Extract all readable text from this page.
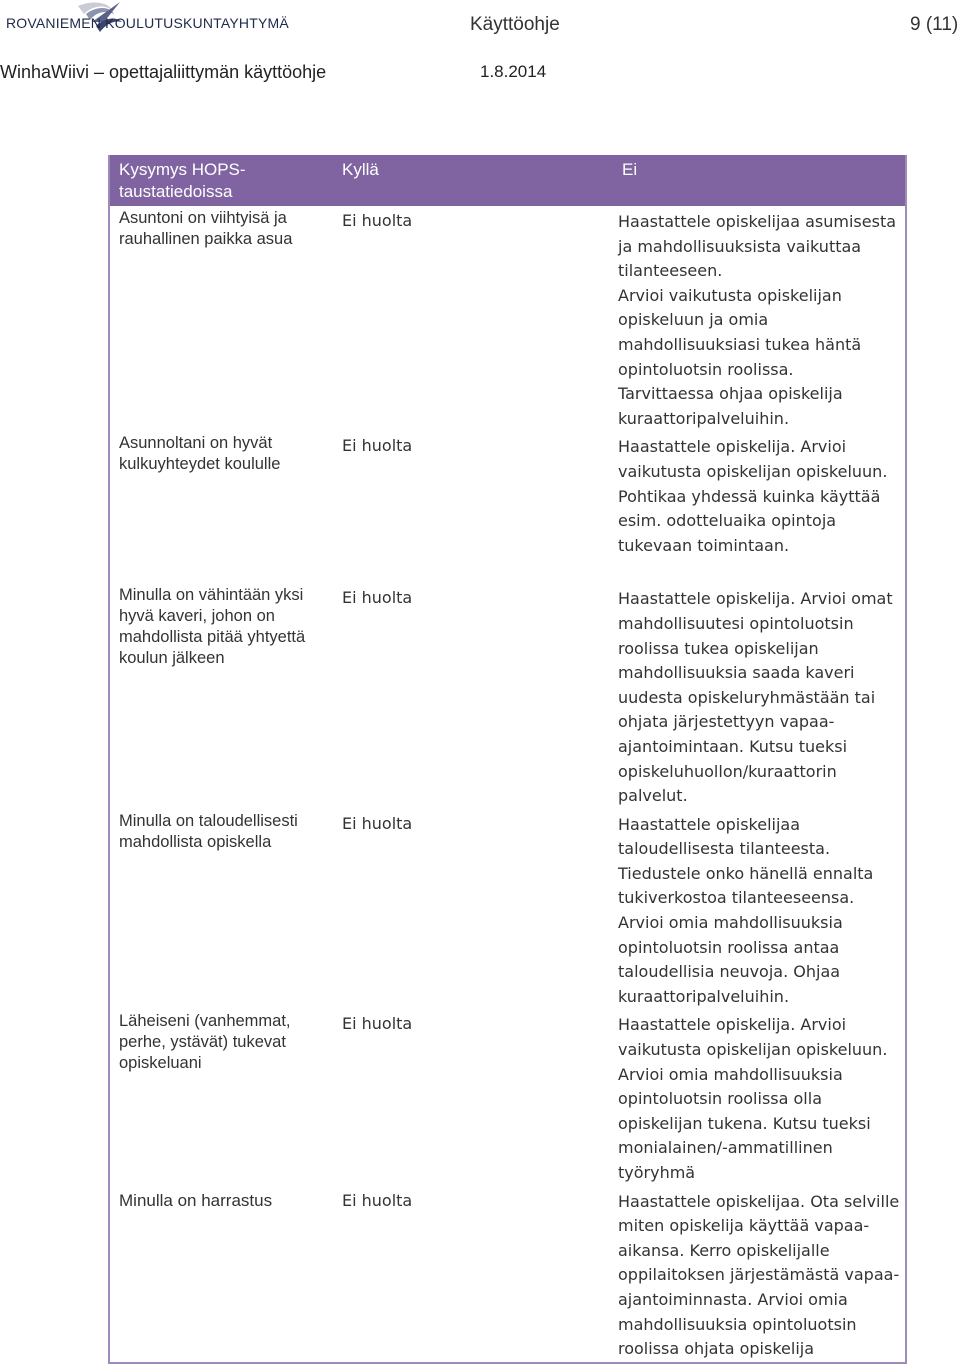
ROVANIEMEN KOULUTUSKUNTAYHTYMÄ	Käyttöohje	9 (11)
WinhaWiivi – opettajaliittymän käyttöohje	1.8.2014
Kysymys HOPS-taustatiedoissa	Kyllä	Ei
Asuntoni on viihtyisä ja rauhallinen paikka asua	Ei huolta	Haastattele opiskelijaa asumisesta ja mahdollisuuksista vaikuttaa tilanteeseen.

Arvioi vaikutusta opiskelijan opiskeluun ja omia mahdollisuuksiasi tukea häntä opintoluotsin roolissa.

Tarvittaessa ohjaa opiskelija kuraattoripalveluihin.

Asunnoltani on hyvät kulkuyhteydet koululle	Ei huolta	Haastattele opiskelija. Arvioi vaikutusta opiskelijan opiskeluun.

Pohtikaa yhdessä kuinka käyttää esim. odotteluaika opintoja tukevaan toimintaan.

Minulla on vähintään yksi hyvä kaveri, johon on mahdollista pitää yhtyettä koulun jälkeen	Ei huolta	Haastattele opiskelija. Arvioi omat mahdollisuutesi opintoluotsin roolissa tukea opiskelijan mahdollisuuksia saada kaveri uudesta opiskeluryhmästään tai ohjata järjestettyyn vapaa-ajantoimintaan. Kutsu tueksi opiskeluhuollon/kuraattorin palvelut.

Minulla on taloudellisesti mahdollista opiskella	Ei huolta	Haastattele opiskelijaa taloudellisesta tilanteesta. Tiedustele onko hänellä ennalta tukiverkostoa tilanteeseensa. Arvioi omia mahdollisuuksia opintoluotsin roolissa antaa taloudellisia neuvoja. Ohjaa kuraattoripalveluihin.

Läheiseni (vanhemmat, perhe, ystävät) tukevat opiskeluani	Ei huolta	Haastattele opiskelija. Arvioi vaikutusta opiskelijan opiskeluun. Arvioi omia mahdollisuuksia opintoluotsin roolissa olla opiskelijan tukena. Kutsu tueksi monialainen/-ammatillinen työryhmä

Minulla on harrastus	Ei huolta	Haastattele opiskelijaa. Ota selville miten opiskelija käyttää vapaa-aikansa. Kerro opiskelijalle oppilaitoksen järjestämästä vapaa-ajantoiminnasta. Arvioi omia mahdollisuuksia opintoluotsin roolissa ohjata opiskelija
